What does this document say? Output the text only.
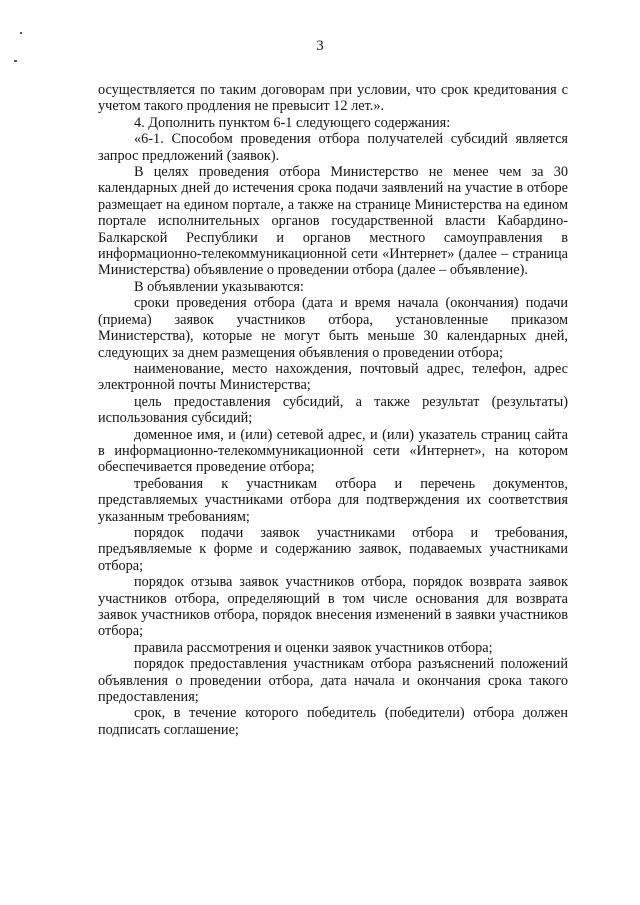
3

осуществляется по таким договорам при условии, что срок кредитования с учетом такого продления не превысит 12 лет.».

4. Дополнить пунктом 6-1 следующего содержания:

«6-1. Способом проведения отбора получателей субсидий является запрос предложений (заявок).

В целях проведения отбора Министерство не менее чем за 30 календарных дней до истечения срока подачи заявлений на участие в отборе размещает на едином портале, а также на странице Министерства на едином портале исполнительных органов государственной власти Кабардино-Балкарской Республики и органов местного самоуправления в информационно-телекоммуникационной сети «Интернет» (далее – страница Министерства) объявление о проведении отбора (далее – объявление).

В объявлении указываются:

сроки проведения отбора (дата и время начала (окончания) подачи (приема) заявок участников отбора, установленные приказом Министерства), которые не могут быть меньше 30 календарных дней, следующих за днем размещения объявления о проведении отбора;

наименование, место нахождения, почтовый адрес, телефон, адрес электронной почты Министерства;

цель предоставления субсидий, а также результат (результаты) использования субсидий;

доменное имя, и (или) сетевой адрес, и (или) указатель страниц сайта в информационно-телекоммуникационной сети «Интернет», на котором обеспечивается проведение отбора;

требования к участникам отбора и перечень документов, представляемых участниками отбора для подтверждения их соответствия указанным требованиям;

порядок подачи заявок участниками отбора и требования, предъявляемые к форме и содержанию заявок, подаваемых участниками отбора;

порядок отзыва заявок участников отбора, порядок возврата заявок участников отбора, определяющий в том числе основания для возврата заявок участников отбора, порядок внесения изменений в заявки участников отбора;

правила рассмотрения и оценки заявок участников отбора;

порядок предоставления участникам отбора разъяснений положений объявления о проведении отбора, дата начала и окончания срока такого предоставления;

срок, в течение которого победитель (победители) отбора должен подписать соглашение;
